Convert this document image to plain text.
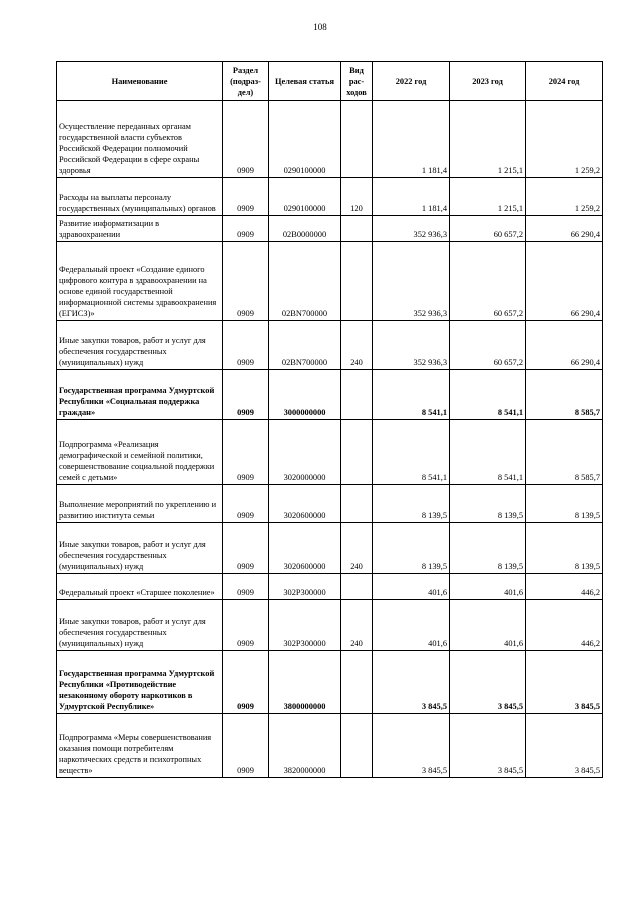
108
Наименование	Раздел (подраз-дел)	Целевая статья	Вид рас-ходов	2022 год	2023 год	2024 год
Осуществление переданных органам государственной власти субъектов Российской Федерации полномочий Российской Федерации в сфере охраны здоровья	0909	0290100000		1 181,4	1 215,1	1 259,2
Расходы на выплаты персоналу государственных (муниципальных) органов	0909	0290100000	120	1 181,4	1 215,1	1 259,2
Развитие информатизации в здравоохранении	0909	02В0000000		352 936,3	60 657,2	66 290,4
Федеральный проект «Создание единого цифрового контура в здравоохранении на основе единой государственной информационной системы здравоохранения (ЕГИСЗ)»	0909	02BN700000		352 936,3	60 657,2	66 290,4
Иные закупки товаров, работ и услуг для обеспечения государственных (муниципальных) нужд	0909	02BN700000	240	352 936,3	60 657,2	66 290,4
Государственная программа Удмуртской Республики «Социальная поддержка граждан»	0909	3000000000		8 541,1	8 541,1	8 585,7
Подпрограмма «Реализация демографической и семейной политики, совершенствование социальной поддержки семей с детьми»	0909	3020000000		8 541,1	8 541,1	8 585,7
Выполнение мероприятий по укреплению и развитию института семьи	0909	3020600000		8 139,5	8 139,5	8 139,5
Иные закупки товаров, работ и услуг для обеспечения государственных (муниципальных) нужд	0909	3020600000	240	8 139,5	8 139,5	8 139,5
Федеральный проект «Старшее поколение»	0909	302P300000		401,6	401,6	446,2
Иные закупки товаров, работ и услуг для обеспечения государственных (муниципальных) нужд	0909	302P300000	240	401,6	401,6	446,2
Государственная программа Удмуртской Республики «Противодействие незаконному обороту наркотиков в Удмуртской Республике»	0909	3800000000		3 845,5	3 845,5	3 845,5
Подпрограмма «Меры совершенствования оказания помощи потребителям наркотических средств и психотропных веществ»	0909	3820000000		3 845,5	3 845,5	3 845,5
